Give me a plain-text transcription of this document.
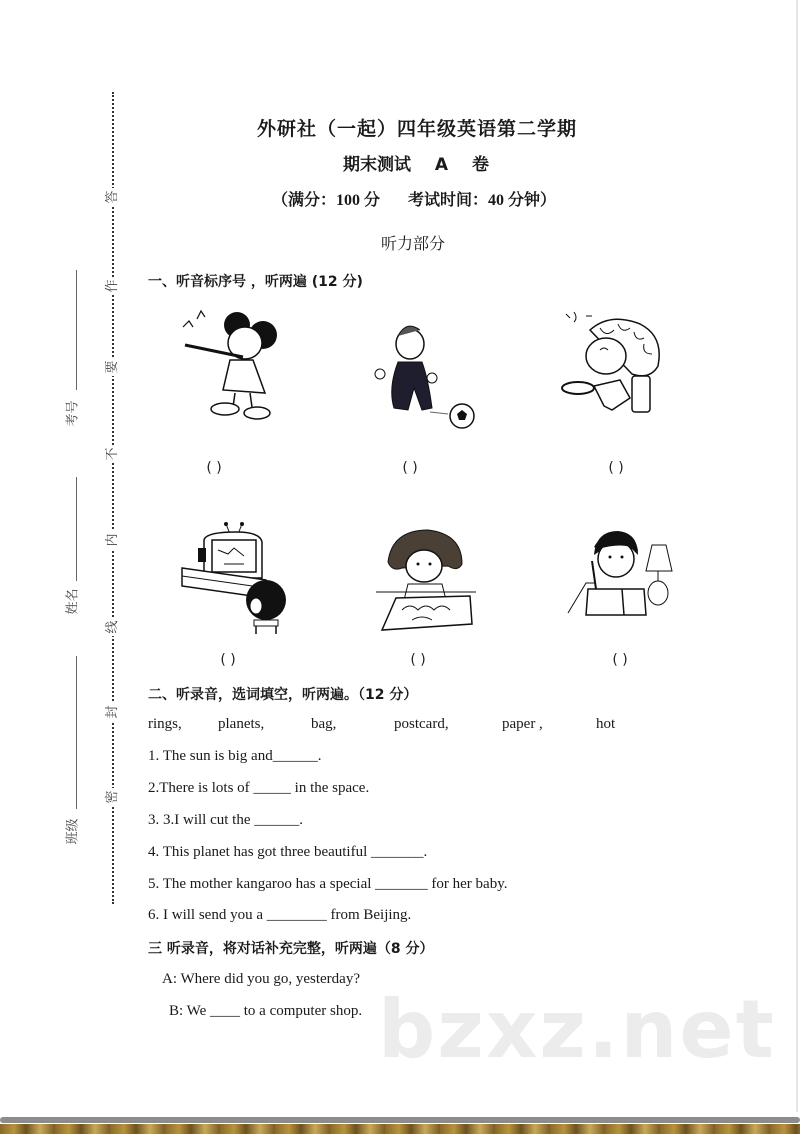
答
作
要
不
内
线
封
密
考号
姓名
班级
外研社（一起）四年级英语第二学期
期末测试 A 卷
（满分：100 分 考试时间：40 分钟）
听力部分
一、听音标序号 ，听两遍 (12 分)
( )	( )	( )
( )	( )	( )
二、听录音，选词填空，听两遍。（12 分）
rings, planets,	bag,	postcard,	paper ,	hot
1. The sun is big and______.
2.There is lots of _____ in the space.
3. 3.I will cut the ______.
4. This planet has got three beautiful _______.
5. The mother kangaroo has a special _______ for her baby.
6. I will send you a ________ from Beijing.
bzxz.net
三 听录音，将对话补充完整，听两遍（8 分）
A: Where did you go, yesterday?
B: We ____ to a computer shop.
